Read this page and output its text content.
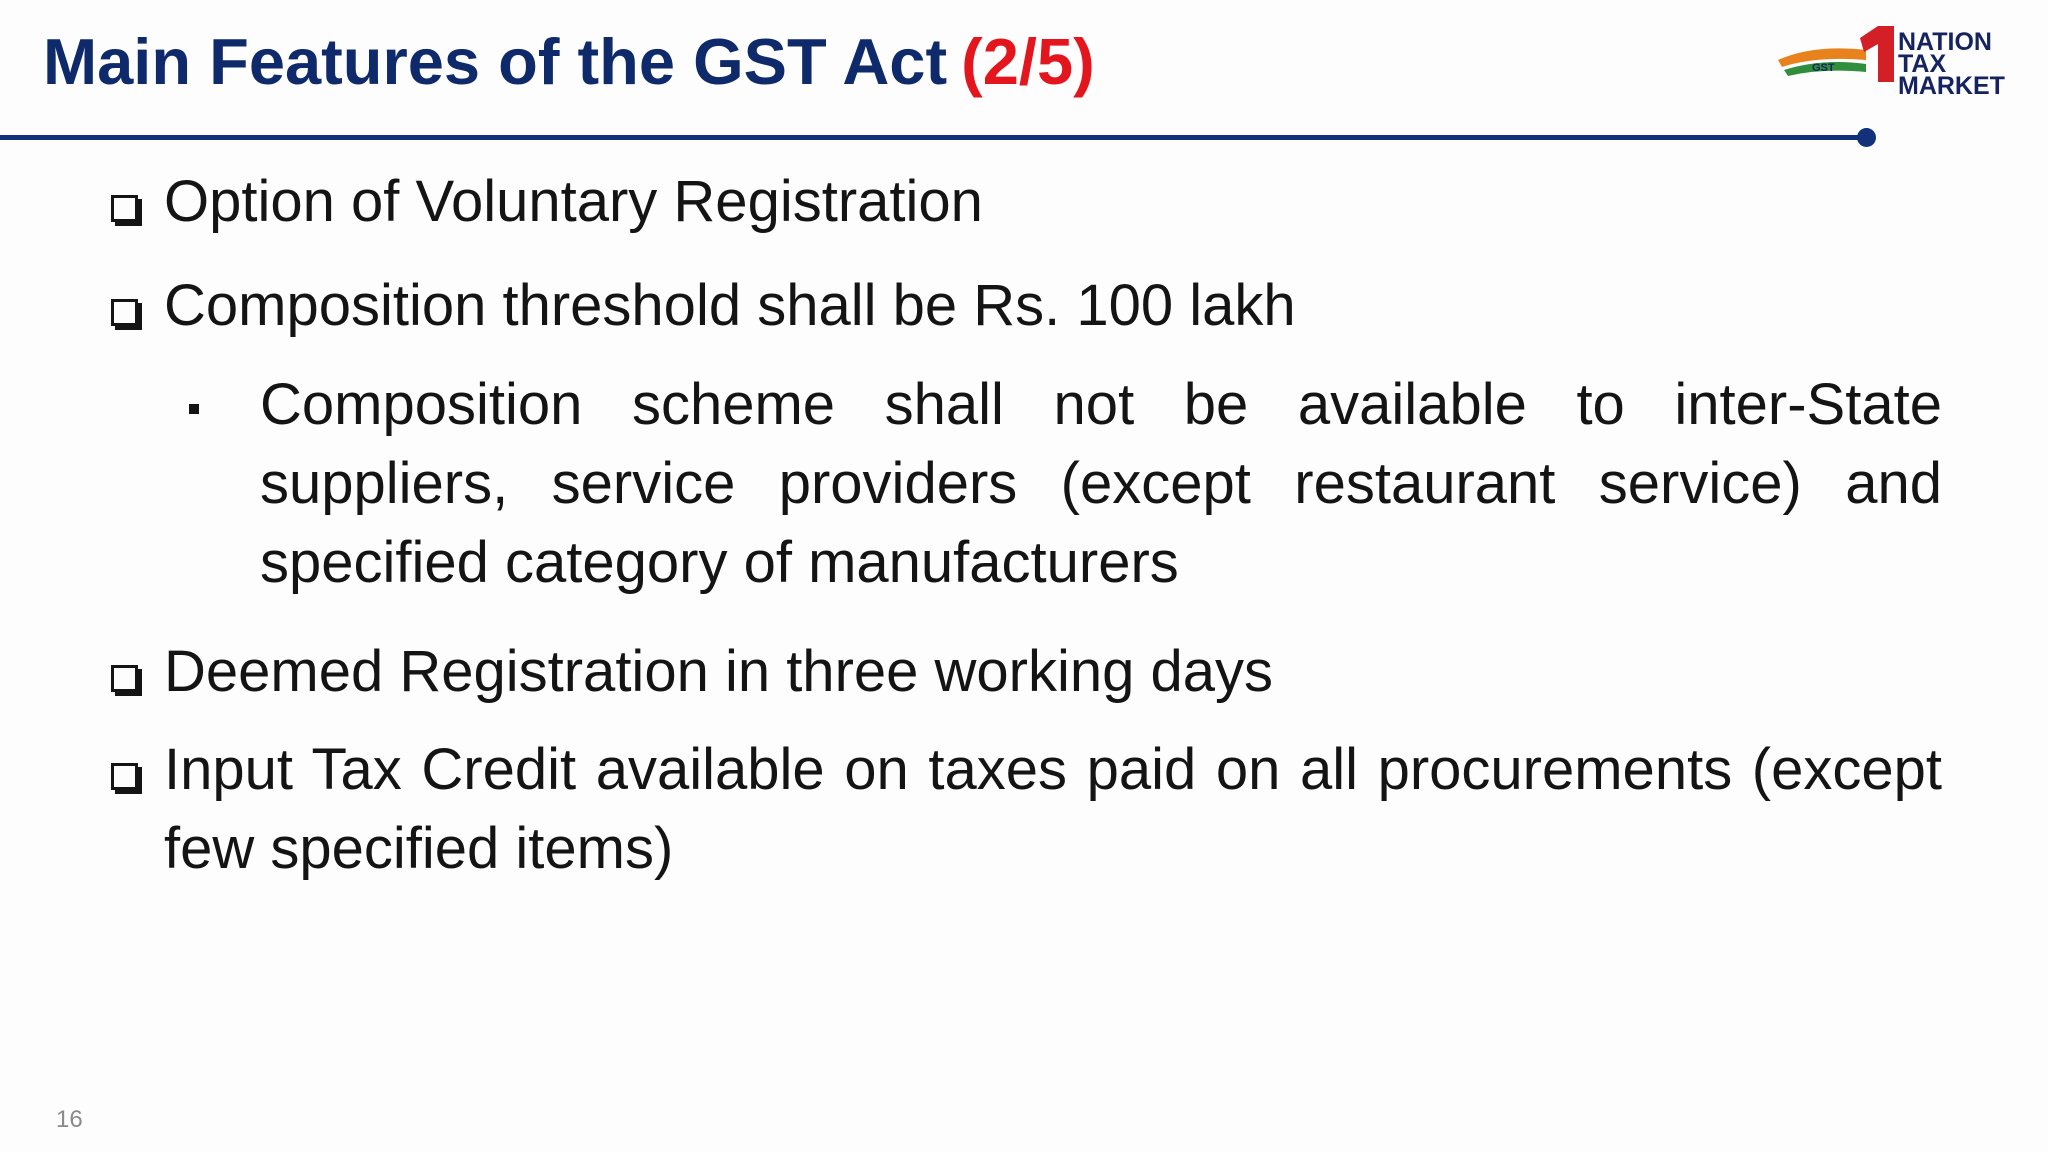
Main Features of the GST Act (2/5)	GST
NATION
TAX
MARKET
Option of Voluntary Registration
Composition threshold shall be Rs. 100 lakh
Composition scheme shall not be available to inter-State suppliers, service providers (except restaurant service) and specified category of manufacturers
Deemed Registration in three working days
Input Tax Credit available on taxes paid on all procurements (except few specified items)
16
